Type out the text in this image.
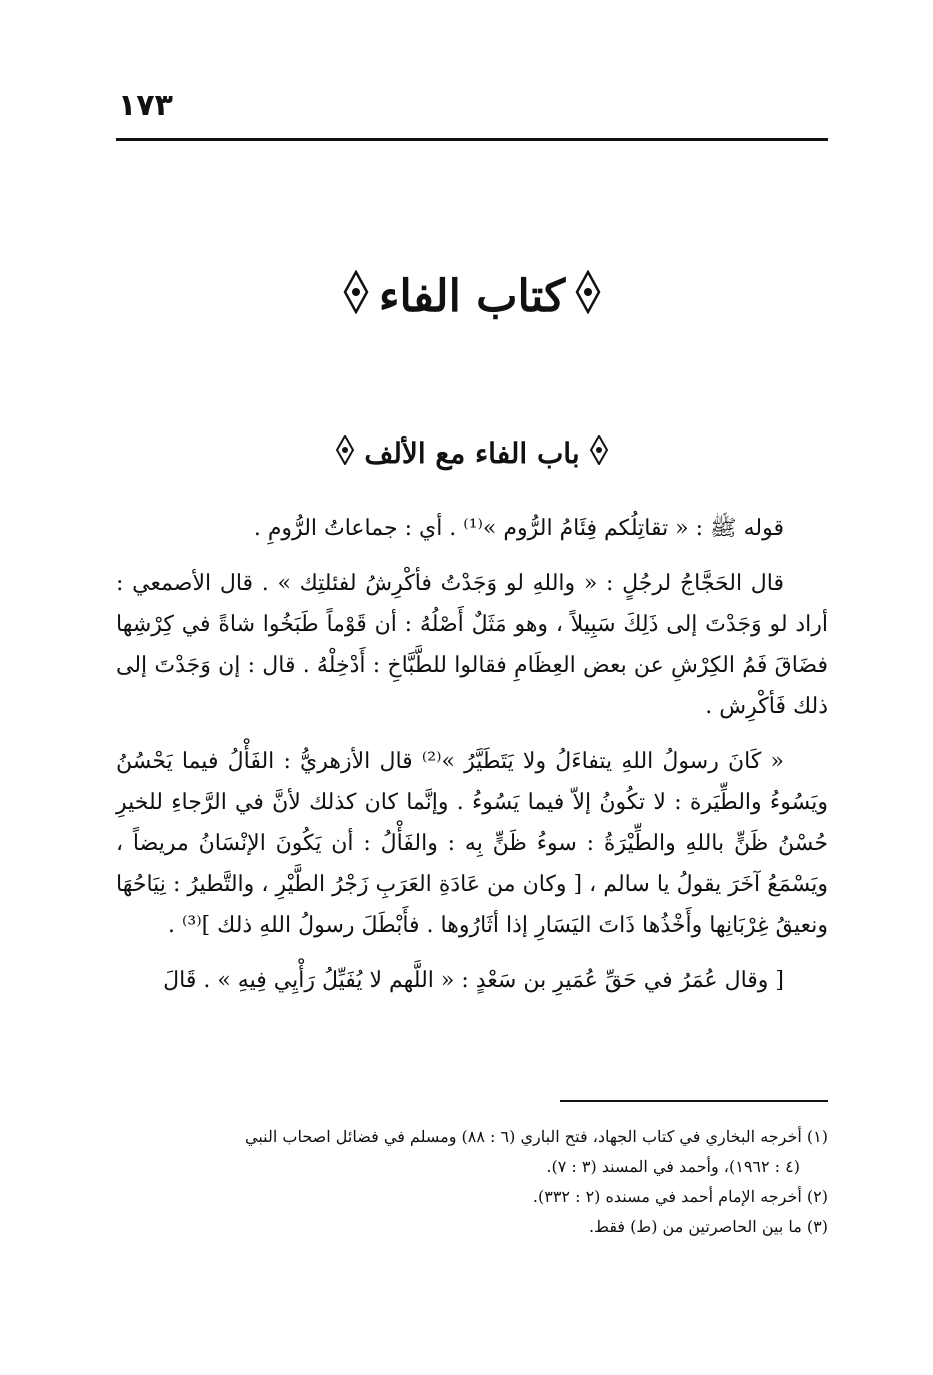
١٧٣
كتاب الفاء
باب الفاء مع الألف

قوله ﷺ : « تقاتِلُكم فِئَامُ الرُّوم »⁽¹⁾ . أي : جماعاتُ الرُّومِ .

قال الحَجَّاجُ لرجُلٍ : « واللهِ لو وَجَدْتُ فأكْرِشُ لفئلتِك » . قال الأصمعي : أراد لو وَجَدْتَ إلى ذَلِكَ سَبِيلاً ، وهو مَثَلٌ أَصْلُهُ : أن قَوْماً طَبَخُوا شاةً في كِرْشِها فضَاقَ فَمُ الكِرْشِ عن بعض العِظَامِ فقالوا للطَّبَّاخِ : أَدْخِلْهُ . قال : إن وَجَدْتَ إلى ذلك فَأكْرِش .

« كَانَ رسولُ اللهِ يتفاءَلُ ولا يَتَطَيَّرُ »⁽²⁾ قال الأزهريُّ : الفَأْلُ فيما يَحْسُنُ ويَسُوءُ والطِّيَرة : لا تكُونُ إلاّ فيما يَسُوءُ . وإنَّما كان كذلك لأنَّ في الرَّجاءِ للخيرِ حُسْنُ ظَنٍّ باللهِ والطِّيْرَةُ : سوءُ ظَنٍّ بِه : والفَأْلُ : أن يَكُونَ الإنْسَانُ مريضاً ، ويَسْمَعُ آخَرَ يقولُ يا سالم ، [ وكان من عَادَةِ العَرَبِ زَجْرُ الطَّيْرِ ، والتَّطيرُ : نِيَاحُهَا ونعيقُ غِرْبَانِها وأَخْذُها ذَاتَ اليَسَارِ إذا أثَارُوها . فأَبْطَلَ رسولُ اللهِ ذلك ]⁽³⁾ .

[ وقال عُمَرُ في حَقِّ عُمَيرِ بن سَعْدٍ : « اللَّهم لا يُفَيِّلُ رَأْيِي فِيهِ » . قَالَ

(١) أخرجه البخاري في كتاب الجهاد، فتح الباري (٦ : ٨٨) ومسلم في فضائل اصحاب النبي

(٤ : ١٩٦٢)، وأحمد في المسند (٣ : ٧).

(٢) أخرجه الإمام أحمد في مسنده (٢ : ٣٣٢).

(٣) ما بين الحاصرتين من (ط) فقط.
